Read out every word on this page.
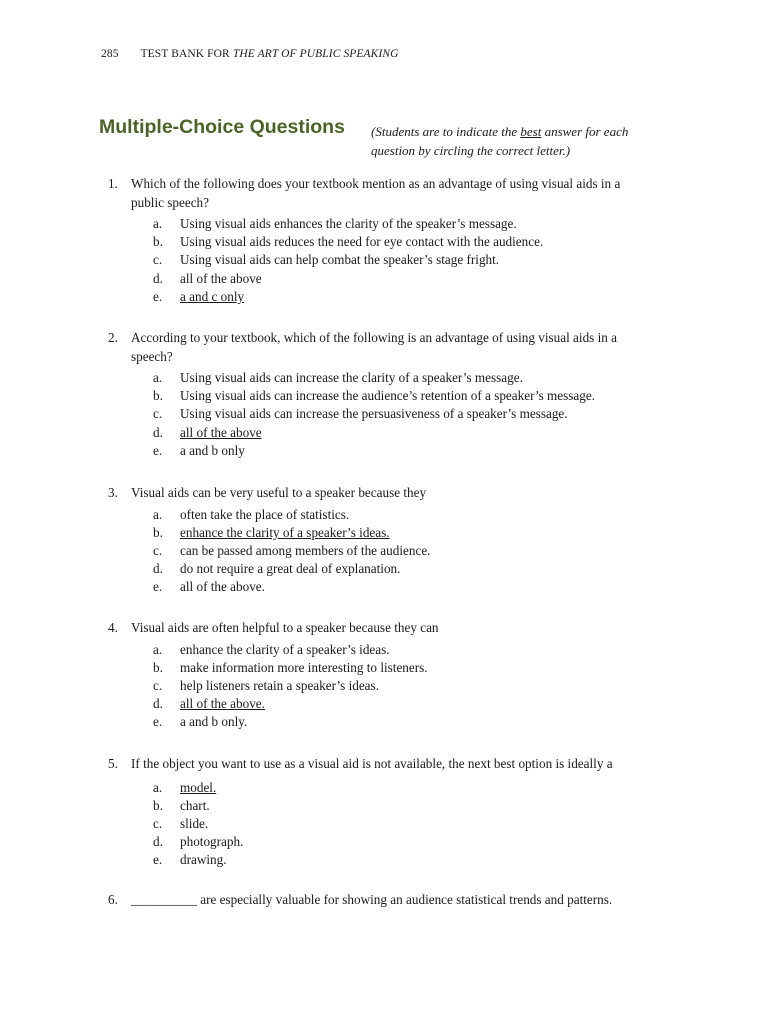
285 TEST BANK FOR THE ART OF PUBLIC SPEAKING
Multiple-Choice Questions (Students are to indicate the best answer for each question by circling the correct letter.)
1. Which of the following does your textbook mention as an advantage of using visual aids in a public speech?
a.	Using visual aids enhances the clarity of the speaker’s message.
b.	Using visual aids reduces the need for eye contact with the audience.
c.	Using visual aids can help combat the speaker’s stage fright.
d.	all of the above
e.	a and c only
2. According to your textbook, which of the following is an advantage of using visual aids in a speech?
a.	Using visual aids can increase the clarity of a speaker’s message.
b.	Using visual aids can increase the audience’s retention of a speaker’s message.
c.	Using visual aids can increase the persuasiveness of a speaker’s message.
d.	all of the above
e.	a and b only
3. Visual aids can be very useful to a speaker because they
a.	often take the place of statistics.
b.	enhance the clarity of a speaker’s ideas.
c.	can be passed among members of the audience.
d.	do not require a great deal of explanation.
e.	all of the above.
4. Visual aids are often helpful to a speaker because they can
a.	enhance the clarity of a speaker’s ideas.
b.	make information more interesting to listeners.
c.	help listeners retain a speaker’s ideas.
d.	all of the above.
e.	a and b only.
5. If the object you want to use as a visual aid is not available, the next best option is ideally a
a.	model.
b.	chart.
c.	slide.
d.	photograph.
e.	drawing.
6. __________ are especially valuable for showing an audience statistical trends and patterns.
